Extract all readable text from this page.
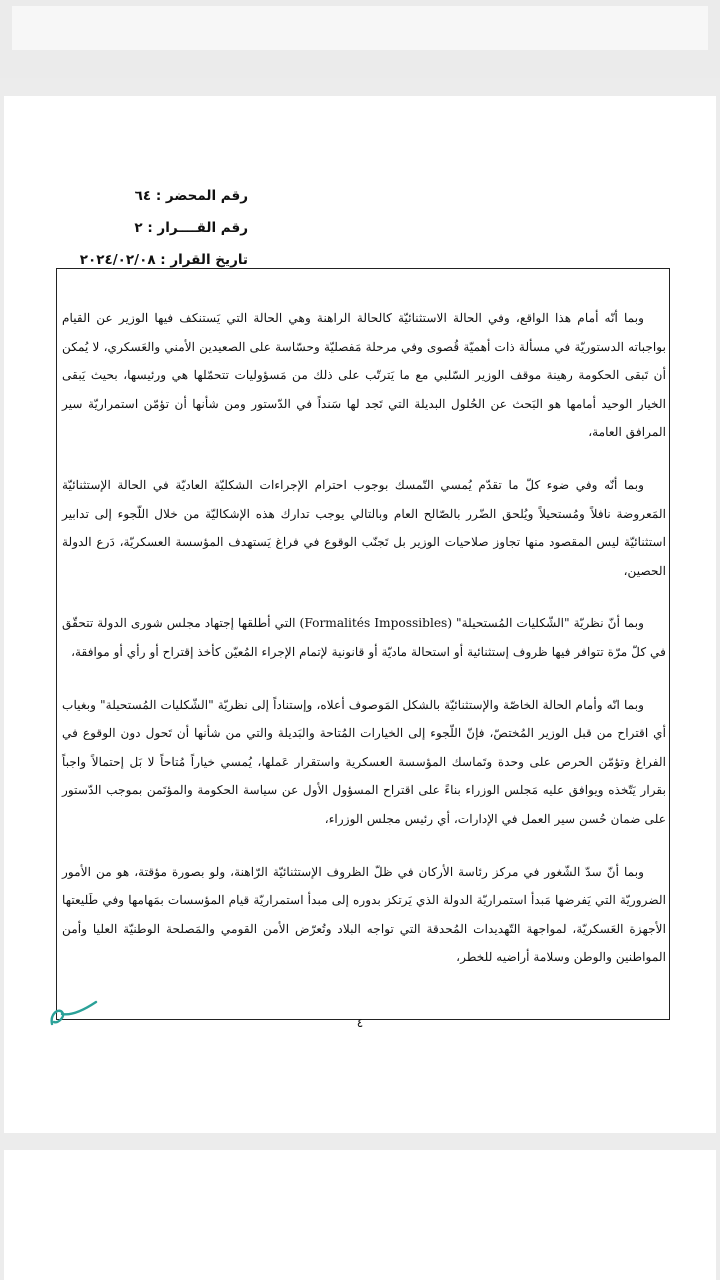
رقم المحضر : ٦٤
رقم القــــرار : ٢
تاريخ القرار : ٢٠٢٤/٠٢/٠٨

وبما أنّه أمام هذا الواقع، وفي الحالة الاستثنائيّة كالحالة الراهنة وهي الحالة التي يَستنكف فيها الوزير عن القيام بواجباته الدستوريّة في مسألة ذات أهميّة قُصوى وفي مرحلة مَفصليّة وحسّاسة على الصعيدين الأمني والعَسكري، لا يُمكن أن تَبقى الحكومة رهينة موقف الوزير السّلبي مع ما يَترتّب على ذلك من مَسؤوليات تتحمّلها هي ورئيسها، بحيث يَبقى الخيار الوحيد أمامها هو البَحث عن الحُلول البديلة التي تَجد لها سَنداً في الدّستور ومن شأنها أن تؤمّن استمراريّة سير المرافق العامة،

وبما أنّه وفي ضوء كلّ ما تقدّم يُمسي التّمسك بوجوب احترام الإجراءات الشكليّة العاديّة في الحالة الإستثنائيّة المَعروضة نافلاً ومُستحيلاً ويُلحق الضّرر بالصّالح العام وبالتالي يوجب تدارك هذه الإشكاليّة من خلال اللّجوء إلى تدابير استثنائيّة ليس المقصود منها تجاوز صلاحيات الوزير بل تَجنّب الوقوع في فراغ يَستهدف المؤسسة العسكريّة، دَرع الدولة الحصين،

وبما أنّ نظريّة "الشّكليات المُستحيلة" (Formalités Impossibles) التي أطلقها إجتهاد مجلس شورى الدولة تتحقّق في كلّ مرّة تتوافر فيها ظروف إستثنائية أو استحالة ماديّة أو قانونية لإتمام الإجراء المُعيّن كأخذ إقتراح أو رأي أو موافقة،

وبما انّه وأمام الحالة الخاصّة والإستثنائيّة بالشكل المَوصوف أعلاه، وإستناداً إلى نظريّة "الشّكليات المُستحيلة" وبغياب أي اقتراح من قبل الوزير المُختصّ، فإنّ اللّجوء إلى الخيارات المُتاحة والبَديلة والتي من شأنها أن تَحول دون الوقوع في الفراغ وتؤمّن الحرص على وحدة وتَماسك المؤسسة العسكرية واستقرار عَملها، يُمسي خياراً مُتاحاً لا بَل إحتمالاً واجباً بقرار يَتّخذه ويوافق عليه مَجلس الوزراء بناءً على اقتراح المسؤول الأول عن سياسة الحكومة والمؤتَمن بموجب الدّستور على ضمان حُسن سير العمل في الإدارات، أي رئيس مجلس الوزراء،

وبما أنّ سدّ الشّغور في مركز رئاسة الأركان في ظلّ الظروف الإستثنائيّة الرّاهنة، ولو بصورة مؤقتة، هو من الأمور الضروريّة التي يَفرضها مَبدأ استمراريّة الدولة الذي يَرتكز بدوره إلى مبدأ استمراريّة قيام المؤسسات بمَهامها وفي طَليعتها الأجهزة العَسكريّة، لمواجهة التّهديدات المُحدقة التي تواجه البلاد وتُعرّض الأمن القومي والمَصلحة الوطنيّة العليا وأمن المواطنين والوطن وسلامة أراضيه للخطر،

٤
